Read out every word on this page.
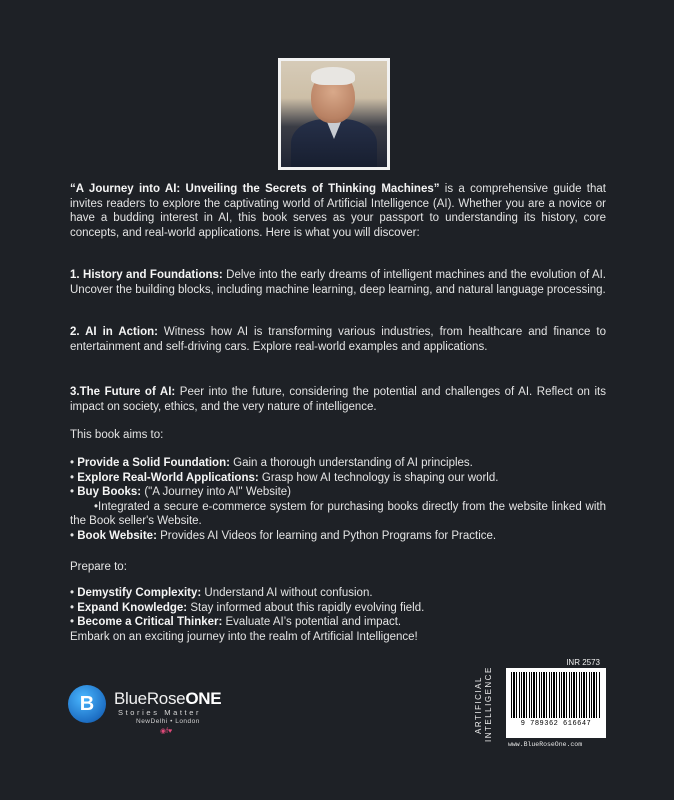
“A Journey into AI: Unveiling the Secrets of Thinking Machines” is a comprehensive guide that invites readers to explore the captivating world of Artificial Intelligence (AI). Whether you are a novice or have a budding interest in AI, this book serves as your passport to understanding its history, core concepts, and real-world applications. Here is what you will discover:

1. History and Foundations: Delve into the early dreams of intelligent machines and the evolution of AI. Uncover the building blocks, including machine learning, deep learning, and natural language processing.

2. AI in Action: Witness how AI is transforming various industries, from healthcare and finance to entertainment and self-driving cars. Explore real-world examples and applications.

3.The Future of AI: Peer into the future, considering the potential and challenges of AI. Reflect on its impact on society, ethics, and the very nature of intelligence.

This book aims to:

• Provide a Solid Foundation: Gain a thorough understanding of AI principles.
• Explore Real-World Applications: Grasp how AI technology is shaping our world.
• Buy Books: ("A Journey into AI" Website)
•Integrated a secure e-commerce system for purchasing books directly from the website linked with the Book seller's Website.
• Book Website: Provides AI Videos for learning and Python Programs for Practice.

Prepare to:

• Demystify Complexity: Understand AI without confusion.
• Expand Knowledge: Stay informed about this rapidly evolving field.
• Become a Critical Thinker: Evaluate AI’s potential and impact.
Embark on an exciting journey into the realm of Artificial Intelligence!
B	BlueRoseONE
Stories Matter
NewDelhi • London
◉f♥
INR 2573
ARTIFICIAL INTELLIGENCE	9 789362 616647
www.BlueRoseOne.com
